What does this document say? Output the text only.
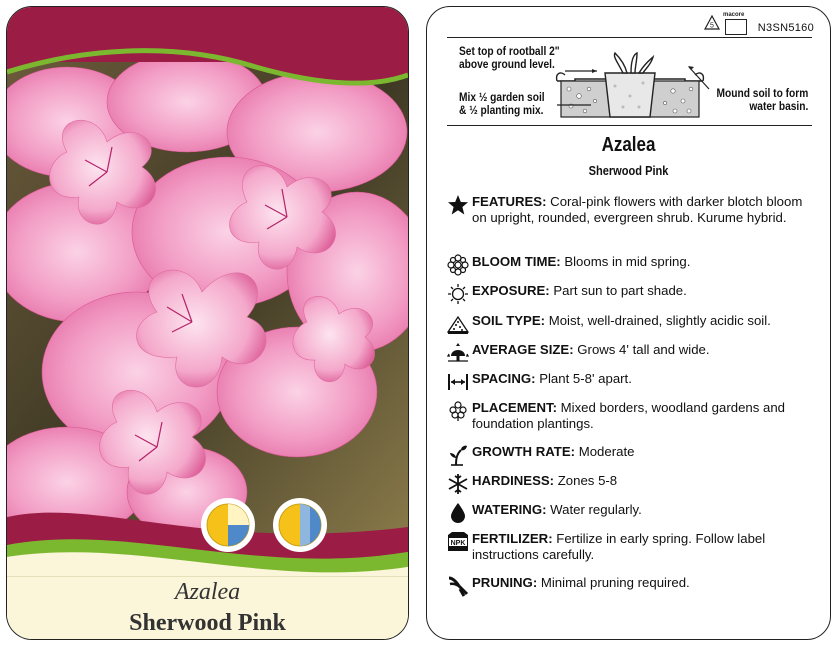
Azalea
Sherwood Pink
5
macore
N3SN5160
Set top of rootball 2"
above ground level.
Mix ½ garden soil
& ½ planting mix.
Mound soil to form
water basin.
Azalea
Sherwood Pink
FEATURES: Coral-pink flowers with darker blotch bloom on upright, rounded, evergreen shrub. Kurume hybrid.
BLOOM TIME: Blooms in mid spring.
EXPOSURE: Part sun to part shade.
SOIL TYPE: Moist, well-drained, slightly acidic soil.
AVERAGE SIZE: Grows 4' tall and wide.
SPACING: Plant 5-8' apart.
PLACEMENT: Mixed borders, woodland gardens and foundation plantings.
GROWTH RATE: Moderate
HARDINESS: Zones 5-8
WATERING: Water regularly.
NPK FERTILIZER: Fertilize in early spring. Follow label instructions carefully.
PRUNING: Minimal pruning required.
